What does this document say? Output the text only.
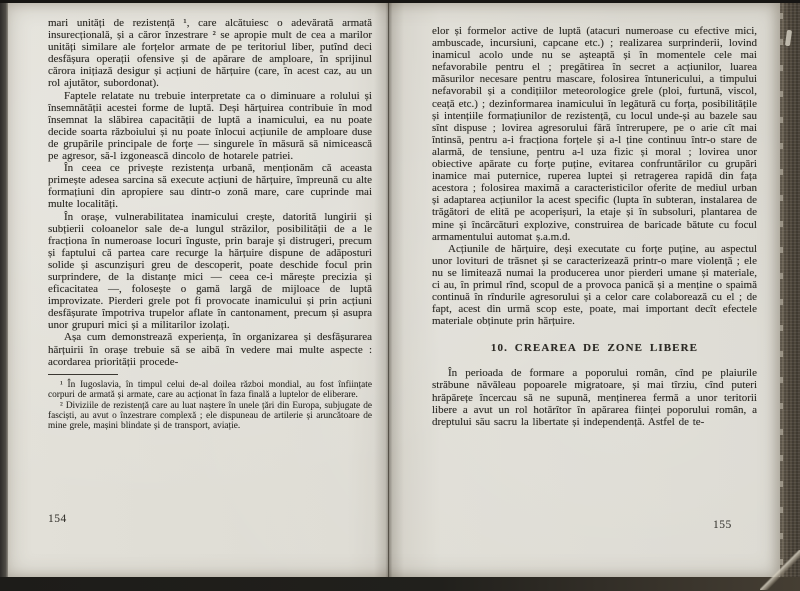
mari unități de rezistență ¹, care alcătuiesc o adevărată armată insurecțională, și a căror înzestrare ² se apropie mult de cea a marilor unități similare ale forțelor armate de pe teritoriul liber, putînd deci desfășura operații ofensive și de apărare de amploare, în sprijinul cărora inițiază desigur și acțiuni de hărțuire (care, în acest caz, au un rol ajutător, subordonat).

Faptele relatate nu trebuie interpretate ca o diminuare a rolului și însemnătății acestei forme de luptă. Deși hărțuirea contribuie în mod însemnat la slăbirea capacității de luptă a inamicului, ea nu poate decide soarta războiului și nu poate înlocui acțiunile de amploare duse de grupările principale de forțe — singurele în măsură să nimicească pe agresor, să-l izgonească dincolo de hotarele patriei.

În ceea ce privește rezistența urbană, menționăm că aceasta primește adesea sarcina să execute acțiuni de hărțuire, împreună cu alte formațiuni din apropiere sau dintr-o zonă mare, care cuprinde mai multe localități.

În orașe, vulnerabilitatea inamicului crește, datorită lungirii și subțierii coloanelor sale de-a lungul străzilor, posibilității de a le fracționa în numeroase locuri înguste, prin baraje și distrugeri, precum și faptului că partea care recurge la hărțuire dispune de adăposturi solide și ascunzișuri greu de descoperit, poate deschide focul prin surprindere, de la distanțe mici — ceea ce-i mărește precizia și eficacitatea —, folosește o gamă largă de mijloace de luptă improvizate. Pierderi grele pot fi provocate inamicului și prin acțiuni desfășurate împotriva trupelor aflate în cantonament, precum și asupra unor grupuri mici și a militarilor izolați.

Așa cum demonstrează experiența, în organizarea și desfășurarea hărțuirii în orașe trebuie să se aibă în vedere mai multe aspecte : acordarea priorității procede-

¹ În Iugoslavia, în timpul celui de-al doilea război mondial, au fost înființate corpuri de armată și armate, care au acționat în faza finală a luptelor de eliberare.

² Diviziile de rezistență care au luat naștere în unele țări din Europa, subjugate de fasciști, au avut o înzestrare complexă ; ele dispuneau de artilerie și aruncătoare de mine grele, mașini blindate și de transport, aviație.

elor și formelor active de luptă (atacuri numeroase cu efective mici, ambuscade, incursiuni, capcane etc.) ; realizarea surprinderii, lovind inamicul acolo unde nu se așteaptă și în momentele cele mai nefavorabile pentru el ; pregătirea în secret a acțiunilor, luarea măsurilor necesare pentru mascare, folosirea întunericului, a timpului nefavorabil și a condițiilor meteorologice grele (ploi, furtună, viscol, ceață etc.) ; dezinformarea inamicului în legătură cu forța, posibilitățile și intențiile formațiunilor de rezistență, cu locul unde-și au bazele sau sînt dispuse ; lovirea agresorului fără întrerupere, pe o arie cît mai întinsă, pentru a-i fracționa forțele și a-l ține continuu într-o stare de alarmă, de tensiune, pentru a-l uza fizic și moral ; lovirea unor obiective apărate cu forțe puține, evitarea confruntărilor cu grupări inamice mai puternice, ruperea luptei și retragerea rapidă din fața acestora ; folosirea maximă a caracteristicilor oferite de mediul urban și adaptarea acțiunilor la acest specific (lupta în subteran, instalarea de trăgători de elită pe acoperișuri, la etaje și în subsoluri, plantarea de mine și încărcături explozive, construirea de baricade bătute cu focul armamentului automat ș.a.m.d.

Acțiunile de hărțuire, deși executate cu forțe puține, au aspectul unor lovituri de trăsnet și se caracterizează printr-o mare violență ; ele nu se limitează numai la producerea unor pierderi umane și materiale, ci au, în primul rînd, scopul de a provoca panică și a menține o spaimă continuă în rîndurile agresorului și a celor care colaborează cu el ; de fapt, acest din urmă scop este, poate, mai important decît efectele materiale obținute prin hărțuire.

10. CREAREA DE ZONE LIBERE

În perioada de formare a poporului român, cînd pe plaiurile străbune năvăleau popoarele migratoare, și mai tîrziu, cînd puteri hrăpărețe încercau să ne supună, menținerea fermă a unor teritorii libere a avut un rol hotărîtor în apărarea ființei poporului român, a dreptului său sacru la libertate și independență. Astfel de te-

154	155
